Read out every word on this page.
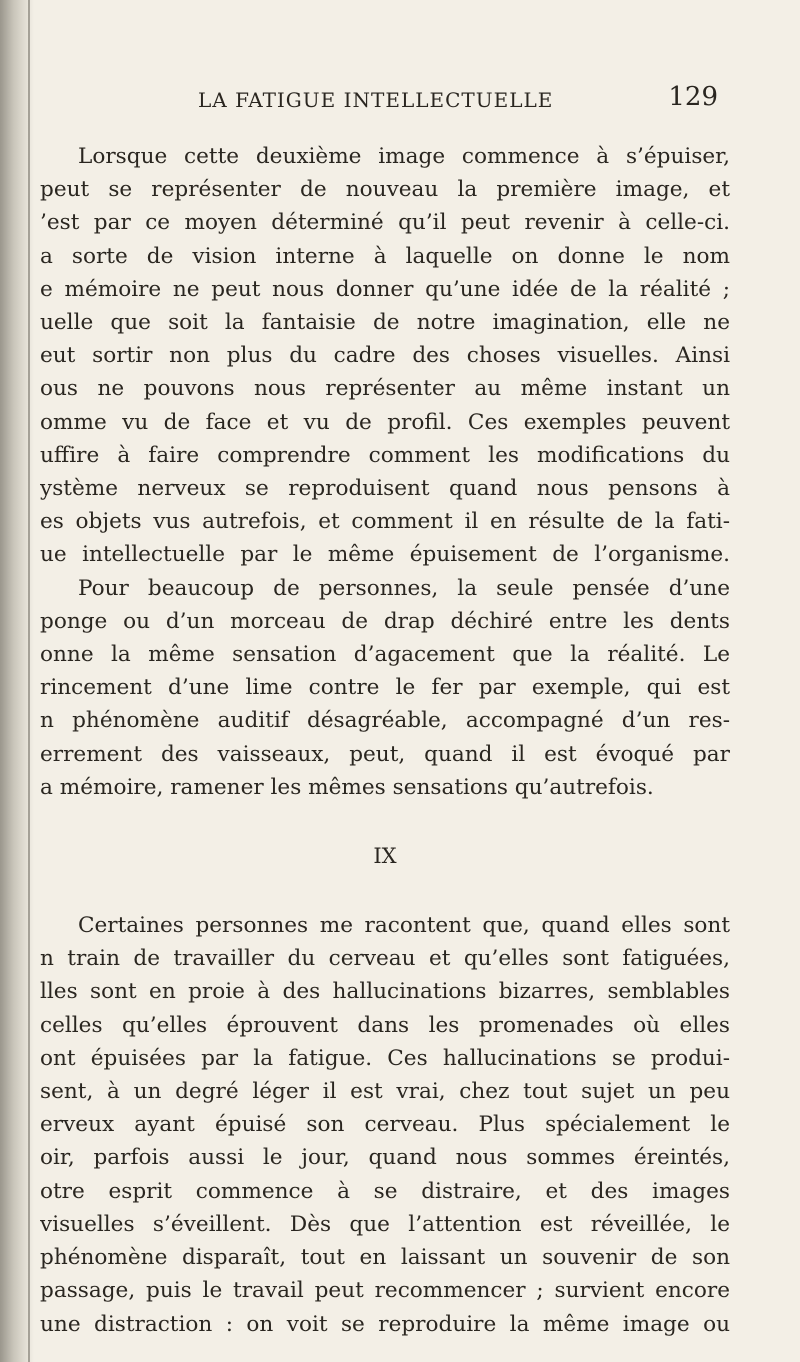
LA FATIGUE INTELLECTUELLE	129
Lorsque cette deuxième image commence à s’épuiser,
peut se représenter de nouveau la première image, et
’est par ce moyen déterminé qu’il peut revenir à celle-ci.
a sorte de vision interne à laquelle on donne le nom
e mémoire ne peut nous donner qu’une idée de la réalité ;
uelle que soit la fantaisie de notre imagination, elle ne
eut sortir non plus du cadre des choses visuelles. Ainsi
ous ne pouvons nous représenter au même instant un
omme vu de face et vu de profil. Ces exemples peuvent
uffire à faire comprendre comment les modifications du
ystème nerveux se reproduisent quand nous pensons à
es objets vus autrefois, et comment il en résulte de la fati-
ue intellectuelle par le même épuisement de l’organisme.
Pour beaucoup de personnes, la seule pensée d’une
ponge ou d’un morceau de drap déchiré entre les dents
onne la même sensation d’agacement que la réalité. Le
rincement d’une lime contre le fer par exemple, qui est
n phénomène auditif désagréable, accompagné d’un res-
errement des vaisseaux, peut, quand il est évoqué par
a mémoire, ramener les mêmes sensations qu’autrefois.
IX
Certaines personnes me racontent que, quand elles sont
n train de travailler du cerveau et qu’elles sont fatiguées,
lles sont en proie à des hallucinations bizarres, semblables
celles qu’elles éprouvent dans les promenades où elles
ont épuisées par la fatigue. Ces hallucinations se produi-
sent, à un degré léger il est vrai, chez tout sujet un peu
erveux ayant épuisé son cerveau. Plus spécialement le
oir, parfois aussi le jour, quand nous sommes éreintés,
otre esprit commence à se distraire, et des images
visuelles s’éveillent. Dès que l’attention est réveillée, le
phénomène disparaît, tout en laissant un souvenir de son
passage, puis le travail peut recommencer ; survient encore
une distraction : on voit se reproduire la même image ou
